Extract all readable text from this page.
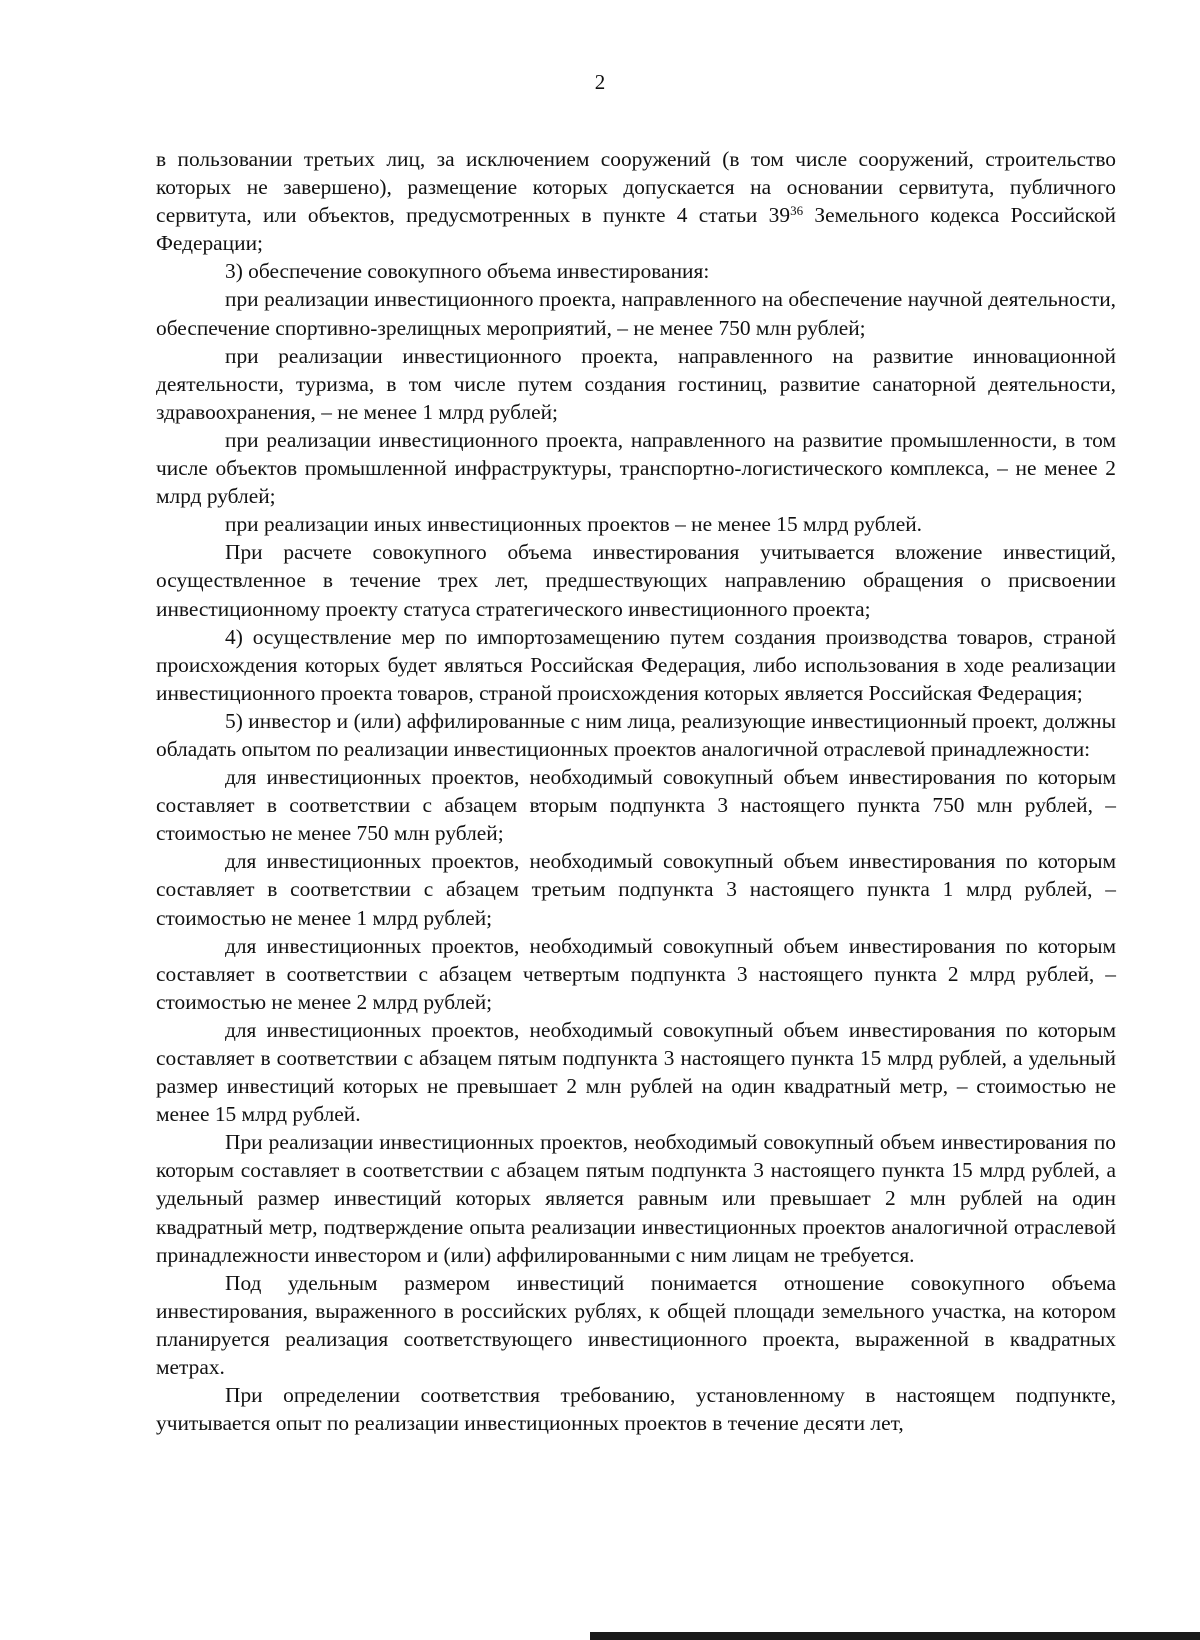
2

в пользовании третьих лиц, за исключением сооружений (в том числе сооружений, строительство которых не завершено), размещение которых допускается на основании сервитута, публичного сервитута, или объектов, предусмотренных в пункте 4 статьи $39^{36}$ Земельного кодекса Российской Федерации;

3) обеспечение совокупного объема инвестирования:

при реализации инвестиционного проекта, направленного на обеспечение научной деятельности, обеспечение спортивно-зрелищных мероприятий, – не менее 750 млн рублей;

при реализации инвестиционного проекта, направленного на развитие инновационной деятельности, туризма, в том числе путем создания гостиниц, развитие санаторной деятельности, здравоохранения, – не менее 1 млрд рублей;

при реализации инвестиционного проекта, направленного на развитие промышленности, в том числе объектов промышленной инфраструктуры, транспортно-логистического комплекса, – не менее 2 млрд рублей;

при реализации иных инвестиционных проектов – не менее 15 млрд рублей.

При расчете совокупного объема инвестирования учитывается вложение инвестиций, осуществленное в течение трех лет, предшествующих направлению обращения о присвоении инвестиционному проекту статуса стратегического инвестиционного проекта;

4) осуществление мер по импортозамещению путем создания производства товаров, страной происхождения которых будет являться Российская Федерация, либо использования в ходе реализации инвестиционного проекта товаров, страной происхождения которых является Российская Федерация;

5) инвестор и (или) аффилированные с ним лица, реализующие инвестиционный проект, должны обладать опытом по реализации инвестиционных проектов аналогичной отраслевой принадлежности:

для инвестиционных проектов, необходимый совокупный объем инвестирования по которым составляет в соответствии с абзацем вторым подпункта 3 настоящего пункта 750 млн рублей, – стоимостью не менее 750 млн рублей;

для инвестиционных проектов, необходимый совокупный объем инвестирования по которым составляет в соответствии с абзацем третьим подпункта 3 настоящего пункта 1 млрд рублей, – стоимостью не менее 1 млрд рублей;

для инвестиционных проектов, необходимый совокупный объем инвестирования по которым составляет в соответствии с абзацем четвертым подпункта 3 настоящего пункта 2 млрд рублей, – стоимостью не менее 2 млрд рублей;

для инвестиционных проектов, необходимый совокупный объем инвестирования по которым составляет в соответствии с абзацем пятым подпункта 3 настоящего пункта 15 млрд рублей, а удельный размер инвестиций которых не превышает 2 млн рублей на один квадратный метр, – стоимостью не менее 15 млрд рублей.

При реализации инвестиционных проектов, необходимый совокупный объем инвестирования по которым составляет в соответствии с абзацем пятым подпункта 3 настоящего пункта 15 млрд рублей, а удельный размер инвестиций которых является равным или превышает 2 млн рублей на один квадратный метр, подтверждение опыта реализации инвестиционных проектов аналогичной отраслевой принадлежности инвестором и (или) аффилированными с ним лицам не требуется.

Под удельным размером инвестиций понимается отношение совокупного объема инвестирования, выраженного в российских рублях, к общей площади земельного участка, на котором планируется реализация соответствующего инвестиционного проекта, выраженной в квадратных метрах.

При определении соответствия требованию, установленному в настоящем подпункте, учитывается опыт по реализации инвестиционных проектов в течение десяти лет,
